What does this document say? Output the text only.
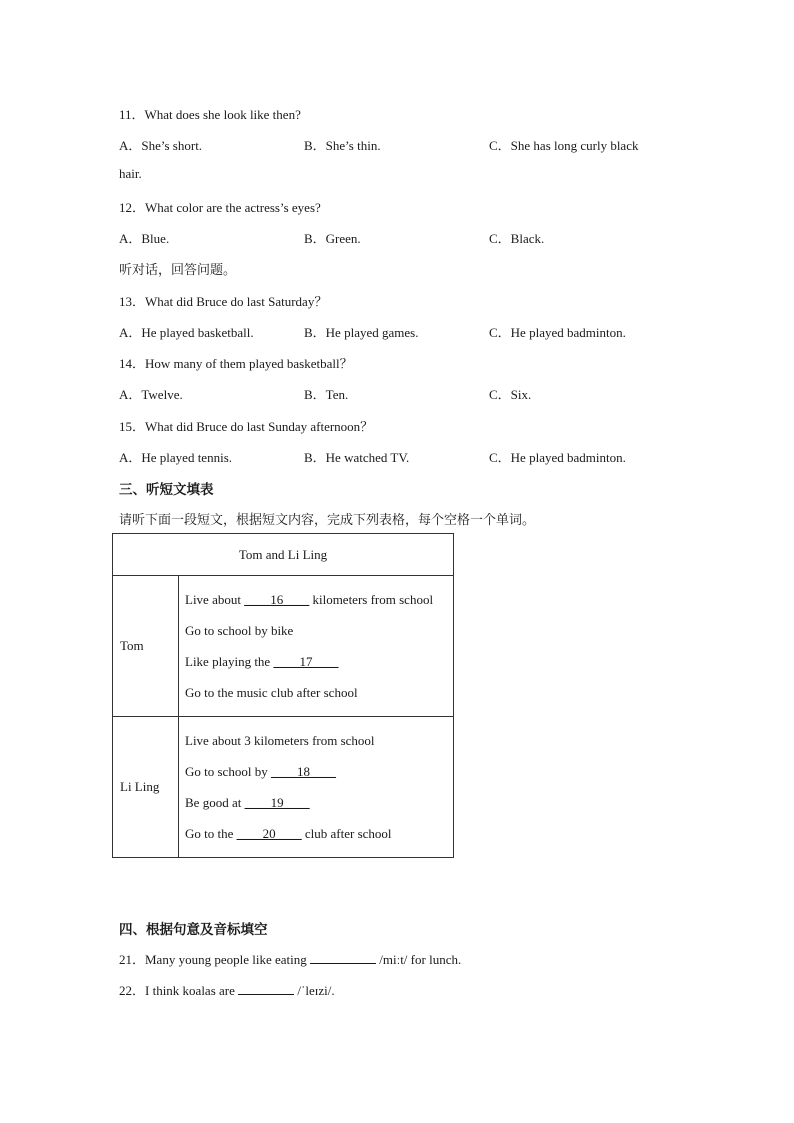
11．What does she look like then?
A．She’s short.	B．She’s thin.	C．She has long curly black
hair.
12．What color are the actress’s eyes?
A．Blue.	B．Green.	C．Black.
听对话，回答问题。
13．What did Bruce do last Saturday？
A．He played basketball.	B．He played games.	C．He played badminton.
14．How many of them played basketball？
A．Twelve.	B．Ten.	C．Six.
15．What did Bruce do last Sunday afternoon？
A．He played tennis.	B．He watched TV.	C．He played badminton.
三、听短文填表
请听下面一段短文，根据短文内容，完成下列表格，每个空格一个单词。
Tom and Li Ling	
Tom	Live about ____16____ kilometers from school
Go to school by bike
Like playing the ____17____
Go to the music club after school

Li Ling	Live about 3 kilometers from school
Go to school by ____18____
Be good at ____19____
Go to the ____20____ club after school
四、根据句意及音标填空
21．Many young people like eating	/miːt/ for lunch.
22．I think koalas are	/ˈleɪzi/.
